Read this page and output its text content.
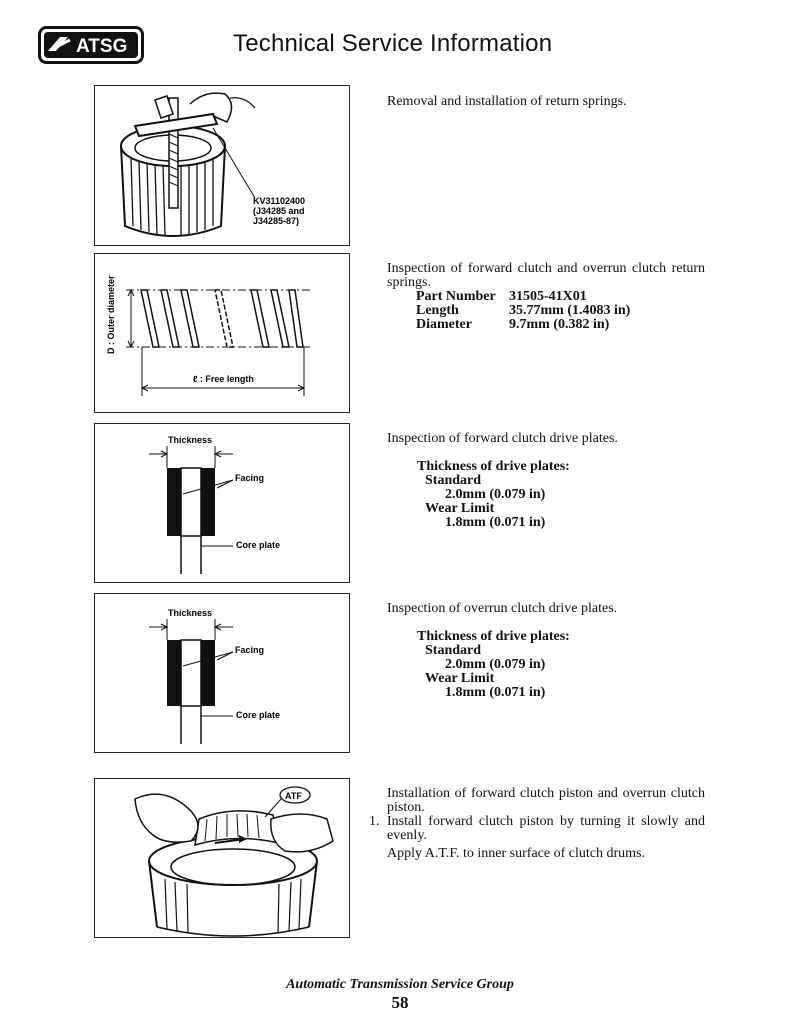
ATSG	Technical Service Information
KV31102400
(J34285 and
J34285-87)
Removal and installation of return springs.
D : Outer diameter
ℓ : Free length
Inspection of forward clutch and overrun clutch return springs.
Part Number 31505-41X01
Length	35.77mm (1.4083 in)
Diameter	9.7mm (0.382 in)
Thickness
Facing
Core plate
Inspection of forward clutch drive plates.
Thickness of drive plates:
Standard
2.0mm (0.079 in)
Wear Limit
1.8mm (0.071 in)
Thickness
Facing
Core plate
Inspection of overrun clutch drive plates.
Thickness of drive plates:
Standard
2.0mm (0.079 in)
Wear Limit
1.8mm (0.071 in)
ATF	Installation of forward clutch piston and overrun clutch piston.
1. Install forward clutch piston by turning it slowly and evenly.
Apply A.T.F. to inner surface of clutch drums.
Automatic Transmission Service Group
58
